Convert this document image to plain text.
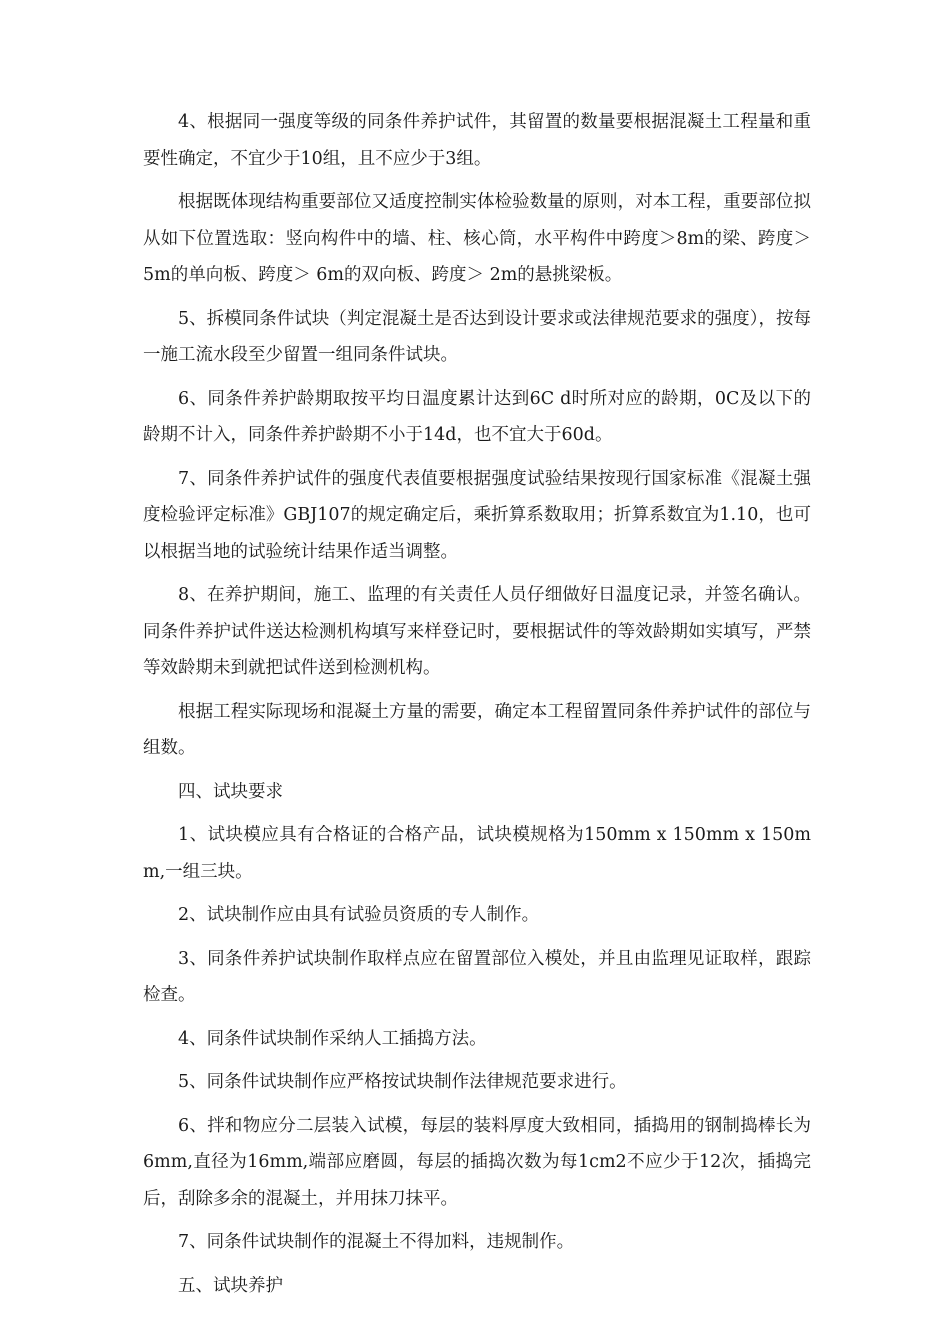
4、根据同一强度等级的同条件养护试件，其留置的数量要根据混凝土工程量和重要性确定，不宜少于10组，且不应少于3组。

根据既体现结构重要部位又适度控制实体检验数量的原则，对本工程，重要部位拟从如下位置选取：竖向构件中的墙、柱、核心筒，水平构件中跨度＞8m的梁、跨度＞ 5m的单向板、跨度＞ 6m的双向板、跨度＞ 2m的悬挑梁板。

5、拆模同条件试块（判定混凝土是否达到设计要求或法律规范要求的强度），按每一施工流水段至少留置一组同条件试块。

6、同条件养护龄期取按平均日温度累计达到6C d时所对应的龄期，0C及以下的龄期不计入，同条件养护龄期不小于14d，也不宜大于60d。

7、同条件养护试件的强度代表值要根据强度试验结果按现行国家标准《混凝土强度检验评定标准》GBJ107的规定确定后，乘折算系数取用；折算系数宜为1.10，也可以根据当地的试验统计结果作适当调整。

8、在养护期间，施工、监理的有关责任人员仔细做好日温度记录，并签名确认。同条件养护试件送达检测机构填写来样登记时，要根据试件的等效龄期如实填写，严禁等效龄期未到就把试件送到检测机构。

根据工程实际现场和混凝土方量的需要，确定本工程留置同条件养护试件的部位与组数。

四、试块要求

1、试块模应具有合格证的合格产品，试块模规格为150mm x 150mm x 150mm,一组三块。

2、试块制作应由具有试验员资质的专人制作。

3、同条件养护试块制作取样点应在留置部位入模处，并且由监理见证取样，跟踪检查。

4、同条件试块制作采纳人工插捣方法。

5、同条件试块制作应严格按试块制作法律规范要求进行。

6、拌和物应分二层装入试模，每层的装料厚度大致相同，插捣用的钢制捣棒长为6mm,直径为16mm,端部应磨圆，每层的插捣次数为每1cm2不应少于12次，插捣完后，刮除多余的混凝土，并用抹刀抹平。

7、同条件试块制作的混凝土不得加料，违规制作。

五、试块养护
